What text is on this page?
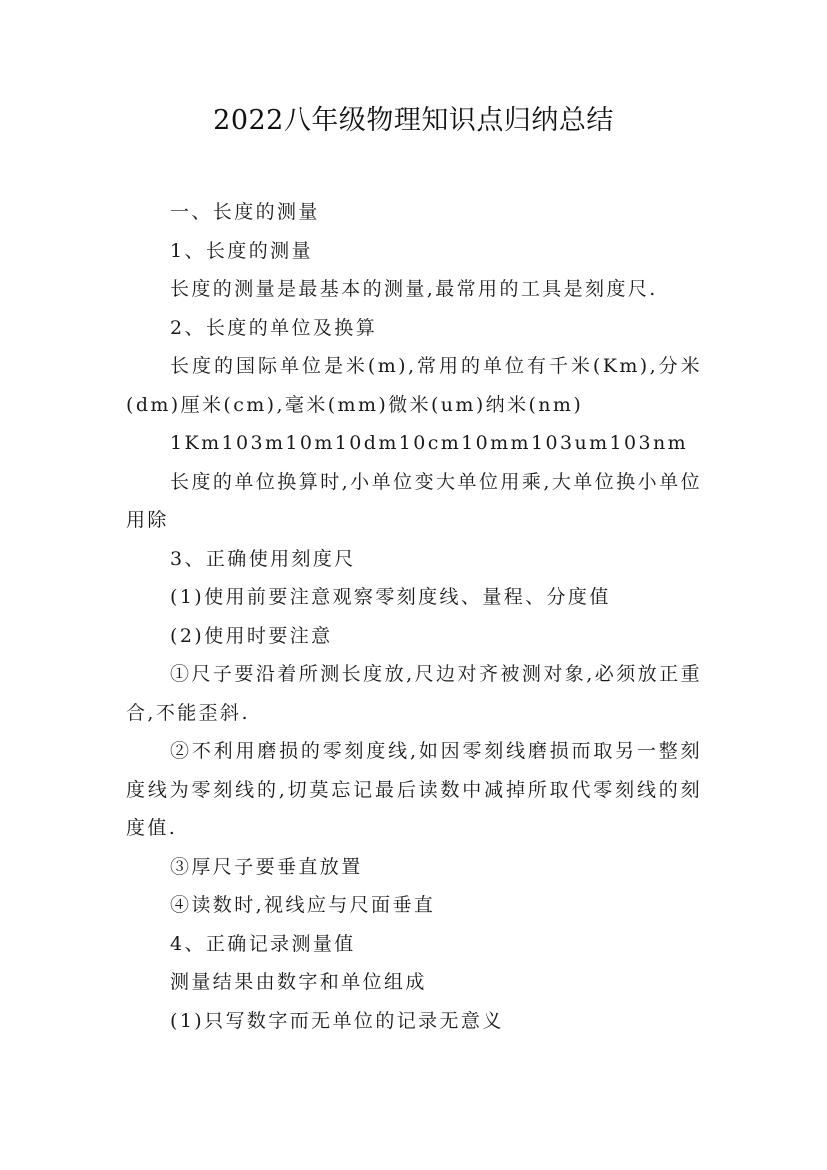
2022八年级物理知识点归纳总结

一、长度的测量

1、长度的测量

长度的测量是最基本的测量,最常用的工具是刻度尺.

2、长度的单位及换算

长度的国际单位是米(m),常用的单位有千米(Km),分米(dm)厘米(cm),毫米(mm)微米(um)纳米(nm)

1Km103m10m10dm10cm10mm103um103nm

长度的单位换算时,小单位变大单位用乘,大单位换小单位用除

3、正确使用刻度尺

(1)使用前要注意观察零刻度线、量程、分度值

(2)使用时要注意

①尺子要沿着所测长度放,尺边对齐被测对象,必须放正重合,不能歪斜.

②不利用磨损的零刻度线,如因零刻线磨损而取另一整刻度线为零刻线的,切莫忘记最后读数中减掉所取代零刻线的刻度值.

③厚尺子要垂直放置

④读数时,视线应与尺面垂直

4、正确记录测量值

测量结果由数字和单位组成

(1)只写数字而无单位的记录无意义
